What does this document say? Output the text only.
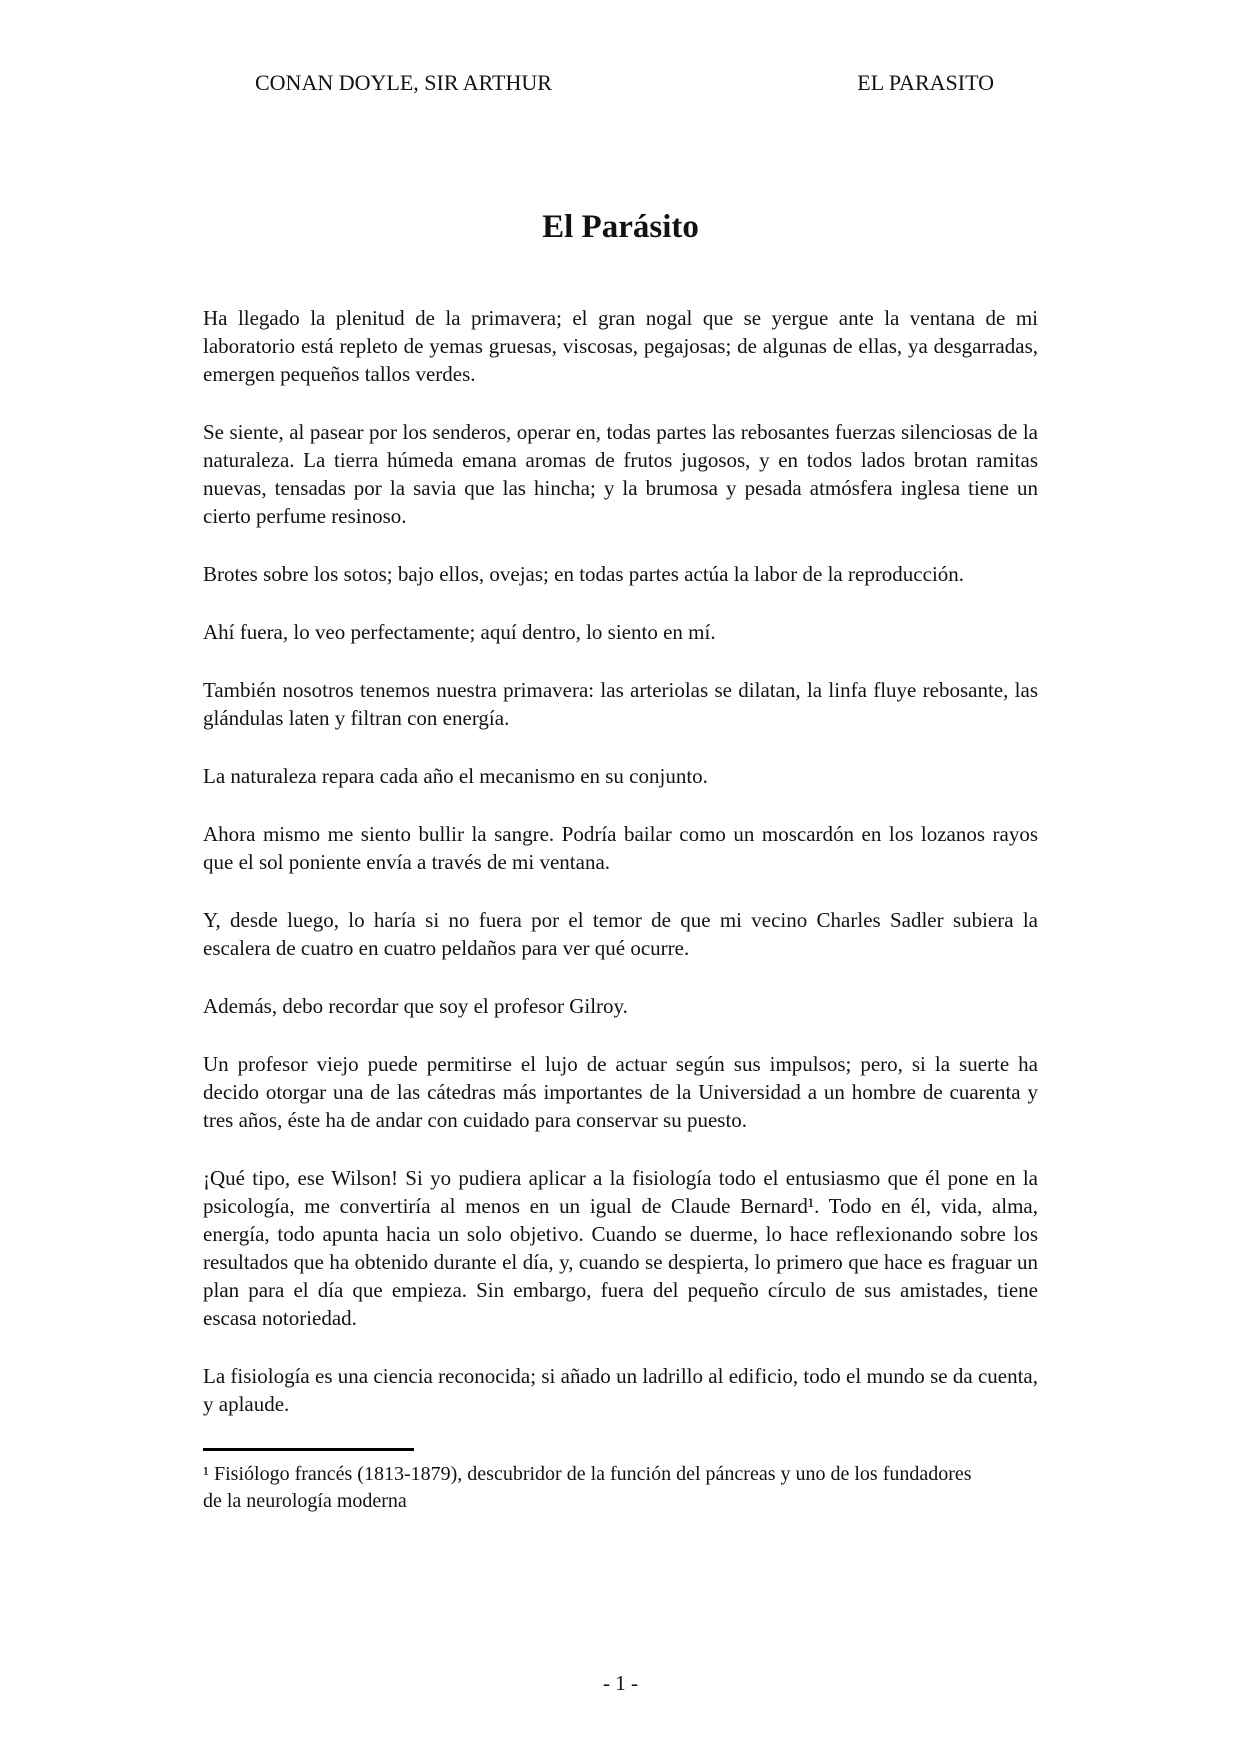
CONAN DOYLE, SIR ARTHUR	EL PARASITO
El Parásito

Ha llegado la plenitud de la primavera; el gran nogal que se yergue ante la ventana de mi laboratorio está repleto de yemas gruesas, viscosas, pegajosas; de algunas de ellas, ya desgarradas, emergen pequeños tallos verdes.

Se siente, al pasear por los senderos, operar en, todas partes las rebosantes fuerzas silenciosas de la naturaleza. La tierra húmeda emana aromas de frutos jugosos, y en todos lados brotan ramitas nuevas, tensadas por la savia que las hincha; y la brumosa y pesada atmósfera inglesa tiene un cierto perfume resinoso.

Brotes sobre los sotos; bajo ellos, ovejas; en todas partes actúa la labor de la reproducción.

Ahí fuera, lo veo perfectamente; aquí dentro, lo siento en mí.

También nosotros tenemos nuestra primavera: las arteriolas se dilatan, la linfa fluye rebosante, las glándulas laten y filtran con energía.

La naturaleza repara cada año el mecanismo en su conjunto.

Ahora mismo me siento bullir la sangre. Podría bailar como un moscardón en los lozanos rayos que el sol poniente envía a través de mi ventana.

Y, desde luego, lo haría si no fuera por el temor de que mi vecino Charles Sadler subiera la escalera de cuatro en cuatro peldaños para ver qué ocurre.

Además, debo recordar que soy el profesor Gilroy.

Un profesor viejo puede permitirse el lujo de actuar según sus impulsos; pero, si la suerte ha decido otorgar una de las cátedras más importantes de la Universidad a un hombre de cuarenta y tres años, éste ha de andar con cuidado para conservar su puesto.

¡Qué tipo, ese Wilson! Si yo pudiera aplicar a la fisiología todo el entusiasmo que él pone en la psicología, me convertiría al menos en un igual de Claude Bernard¹. Todo en él, vida, alma, energía, todo apunta hacia un solo objetivo. Cuando se duerme, lo hace reflexionando sobre los resultados que ha obtenido durante el día, y, cuando se despierta, lo primero que hace es fraguar un plan para el día que empieza. Sin embargo, fuera del pequeño círculo de sus amistades, tiene escasa notoriedad.

La fisiología es una ciencia reconocida; si añado un ladrillo al edificio, todo el mundo se da cuenta, y aplaude.

¹ Fisiólogo francés (1813-1879), descubridor de la función del páncreas y uno de los fundadores de la neurología moderna
- 1 -
